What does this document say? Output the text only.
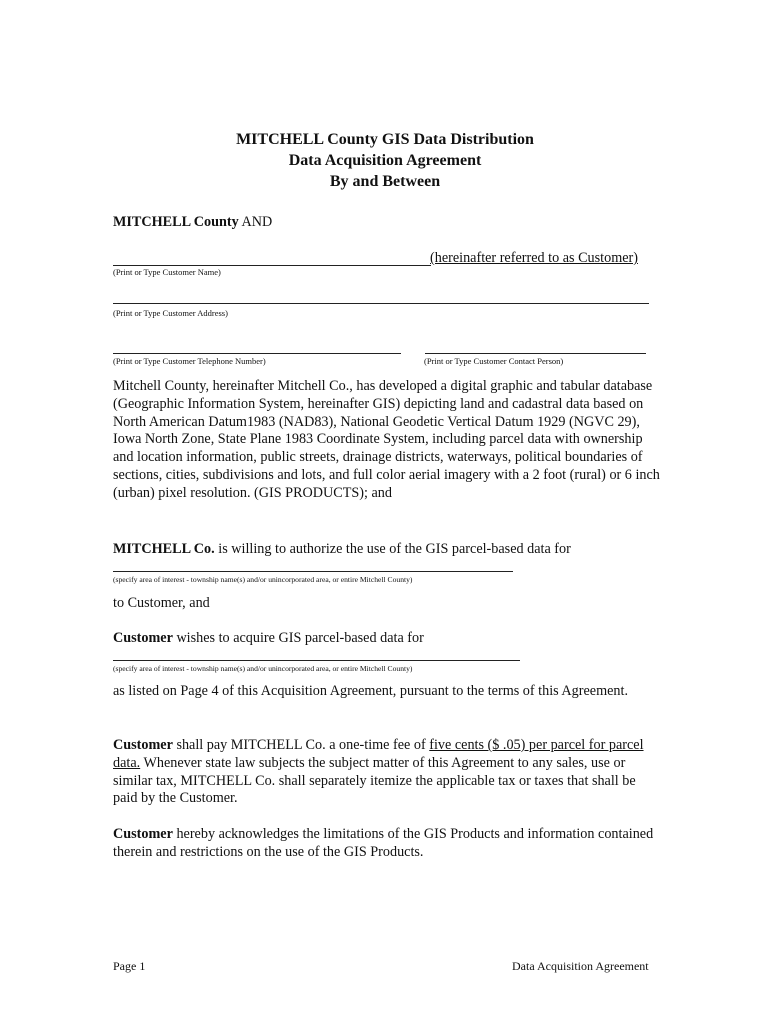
MITCHELL County GIS Data Distribution
Data Acquisition Agreement
By and Between
MITCHELL County AND
(hereinafter referred to as Customer)
(Print or Type Customer Name)
(Print or Type Customer Address)
(Print or Type Customer Telephone Number)	(Print or Type Customer Contact Person)
Mitchell County, hereinafter Mitchell Co., has developed a digital graphic and tabular database (Geographic Information System, hereinafter GIS) depicting land and cadastral data based on North American Datum1983 (NAD83), National Geodetic Vertical Datum 1929 (NGVC 29), Iowa North Zone, State Plane 1983 Coordinate System, including parcel data with ownership and location information, public streets, drainage districts, waterways, political boundaries of sections, cities, subdivisions and lots, and full color aerial imagery with a 2 foot (rural) or 6 inch (urban) pixel resolution. (GIS PRODUCTS); and
MITCHELL Co. is willing to authorize the use of the GIS parcel-based data for
(specify area of interest - township name(s) and/or unincorporated area, or entire Mitchell County)
to Customer, and
Customer wishes to acquire GIS parcel-based data for
(specify area of interest - township name(s) and/or unincorporated area, or entire Mitchell County)
as listed on Page 4 of this Acquisition Agreement, pursuant to the terms of this Agreement.
Customer shall pay MITCHELL Co. a one-time fee of five cents ($ .05) per parcel for parcel data. Whenever state law subjects the subject matter of this Agreement to any sales, use or similar tax, MITCHELL Co. shall separately itemize the applicable tax or taxes that shall be paid by the Customer.
Customer hereby acknowledges the limitations of the GIS Products and information contained therein and restrictions on the use of the GIS Products.
Page 1	Data Acquisition Agreement
